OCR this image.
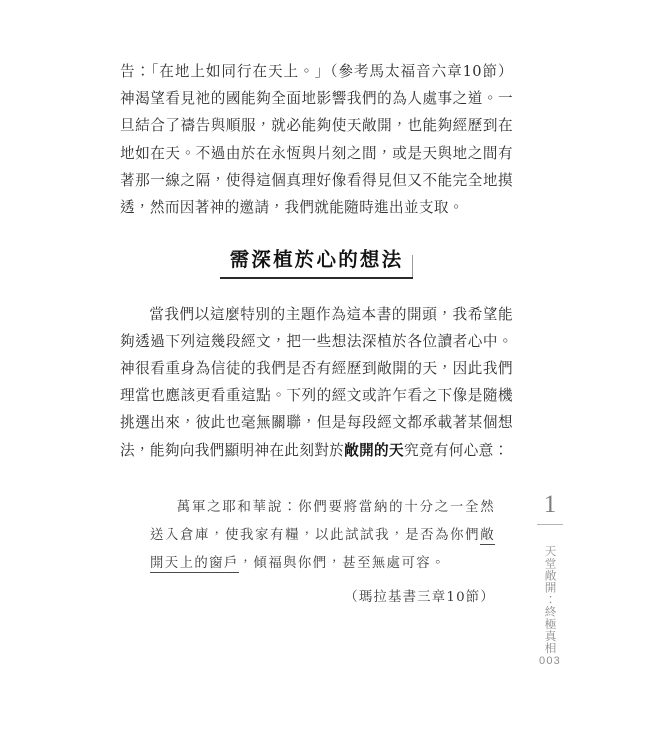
告：「在地上如同行在天上。」（參考馬太福音六章10節）神渴望看見祂的國能夠全面地影響我們的為人處事之道。一旦結合了禱告與順服，就必能夠使天敞開，也能夠經歷到在地如在天。不過由於在永恆與片刻之間，或是天與地之間有著那一線之隔，使得這個真理好像看得見但又不能完全地摸透，然而因著神的邀請，我們就能隨時進出並支取。

需深植於心的想法

當我們以這麼特別的主題作為這本書的開頭，我希望能夠透過下列這幾段經文，把一些想法深植於各位讀者心中。神很看重身為信徒的我們是否有經歷到敞開的天，因此我們理當也應該更看重這點。下列的經文或許乍看之下像是隨機挑選出來，彼此也毫無關聯，但是每段經文都承載著某個想法，能夠向我們顯明神在此刻對於敞開的天究竟有何心意：

萬軍之耶和華說：你們要將當納的十分之一全然送入倉庫，使我家有糧，以此試試我，是否為你們敞開天上的窗戶，傾福與你們，甚至無處可容。

（瑪拉基書三章10節）

1
天堂敞開：終極真相
003
